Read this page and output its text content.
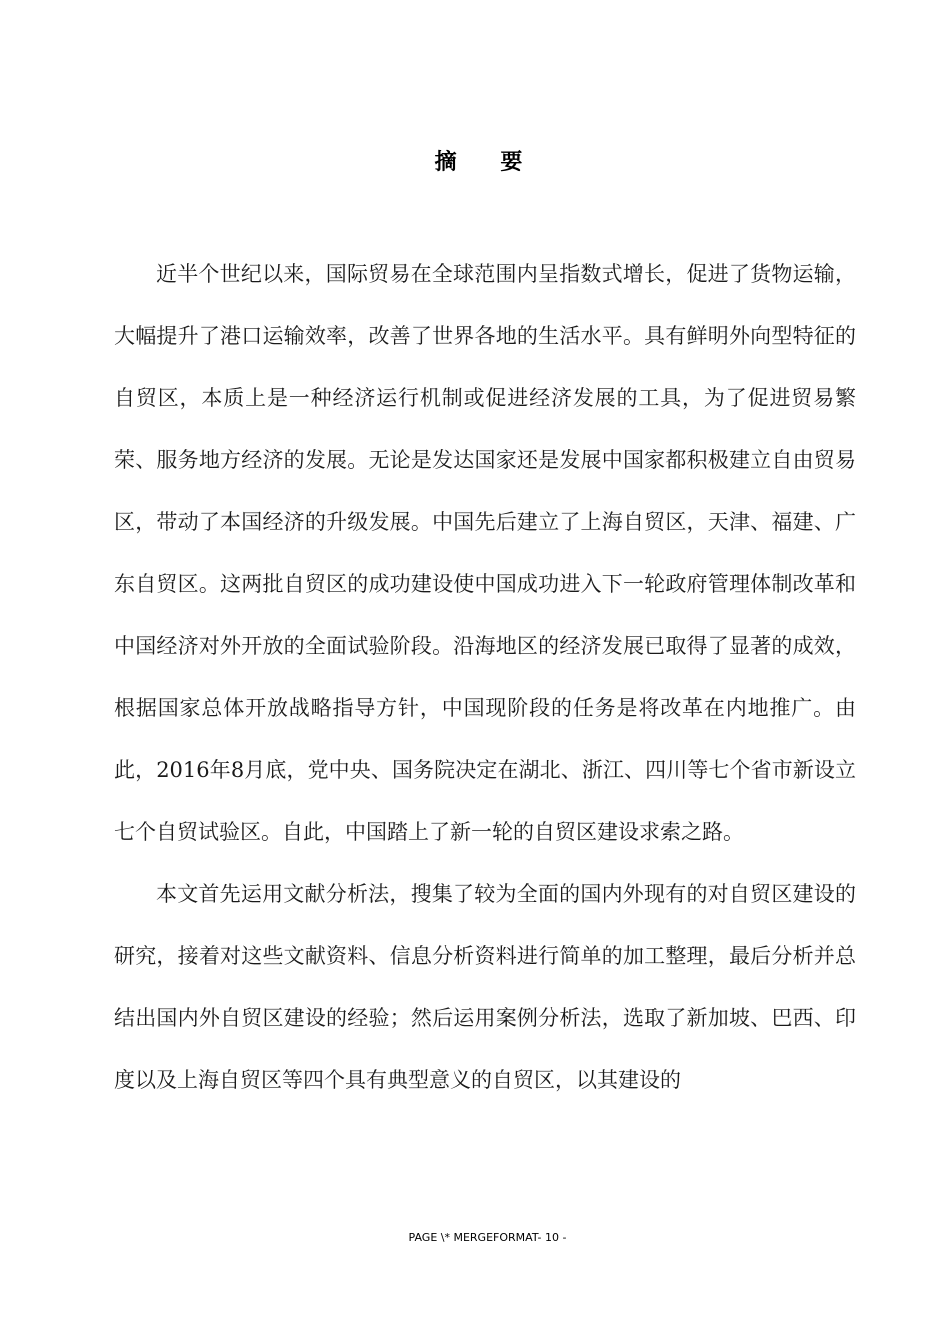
摘 要

近半个世纪以来，国际贸易在全球范围内呈指数式增长，促进了货物运输，大幅提升了港口运输效率，改善了世界各地的生活水平。具有鲜明外向型特征的自贸区，本质上是一种经济运行机制或促进经济发展的工具，为了促进贸易繁荣、服务地方经济的发展。无论是发达国家还是发展中国家都积极建立自由贸易区，带动了本国经济的升级发展。中国先后建立了上海自贸区，天津、福建、广东自贸区。这两批自贸区的成功建设使中国成功进入下一轮政府管理体制改革和中国经济对外开放的全面试验阶段。沿海地区的经济发展已取得了显著的成效，根据国家总体开放战略指导方针，中国现阶段的任务是将改革在内地推广。由此，2016年8月底，党中央、国务院决定在湖北、浙江、四川等七个省市新设立七个自贸试验区。自此，中国踏上了新一轮的自贸区建设求索之路。

本文首先运用文献分析法，搜集了较为全面的国内外现有的对自贸区建设的研究，接着对这些文献资料、信息分析资料进行简单的加工整理，最后分析并总结出国内外自贸区建设的经验；然后运用案例分析法，选取了新加坡、巴西、印度以及上海自贸区等四个具有典型意义的自贸区，以其建设的

PAGE \* MERGEFORMAT- 10 -
